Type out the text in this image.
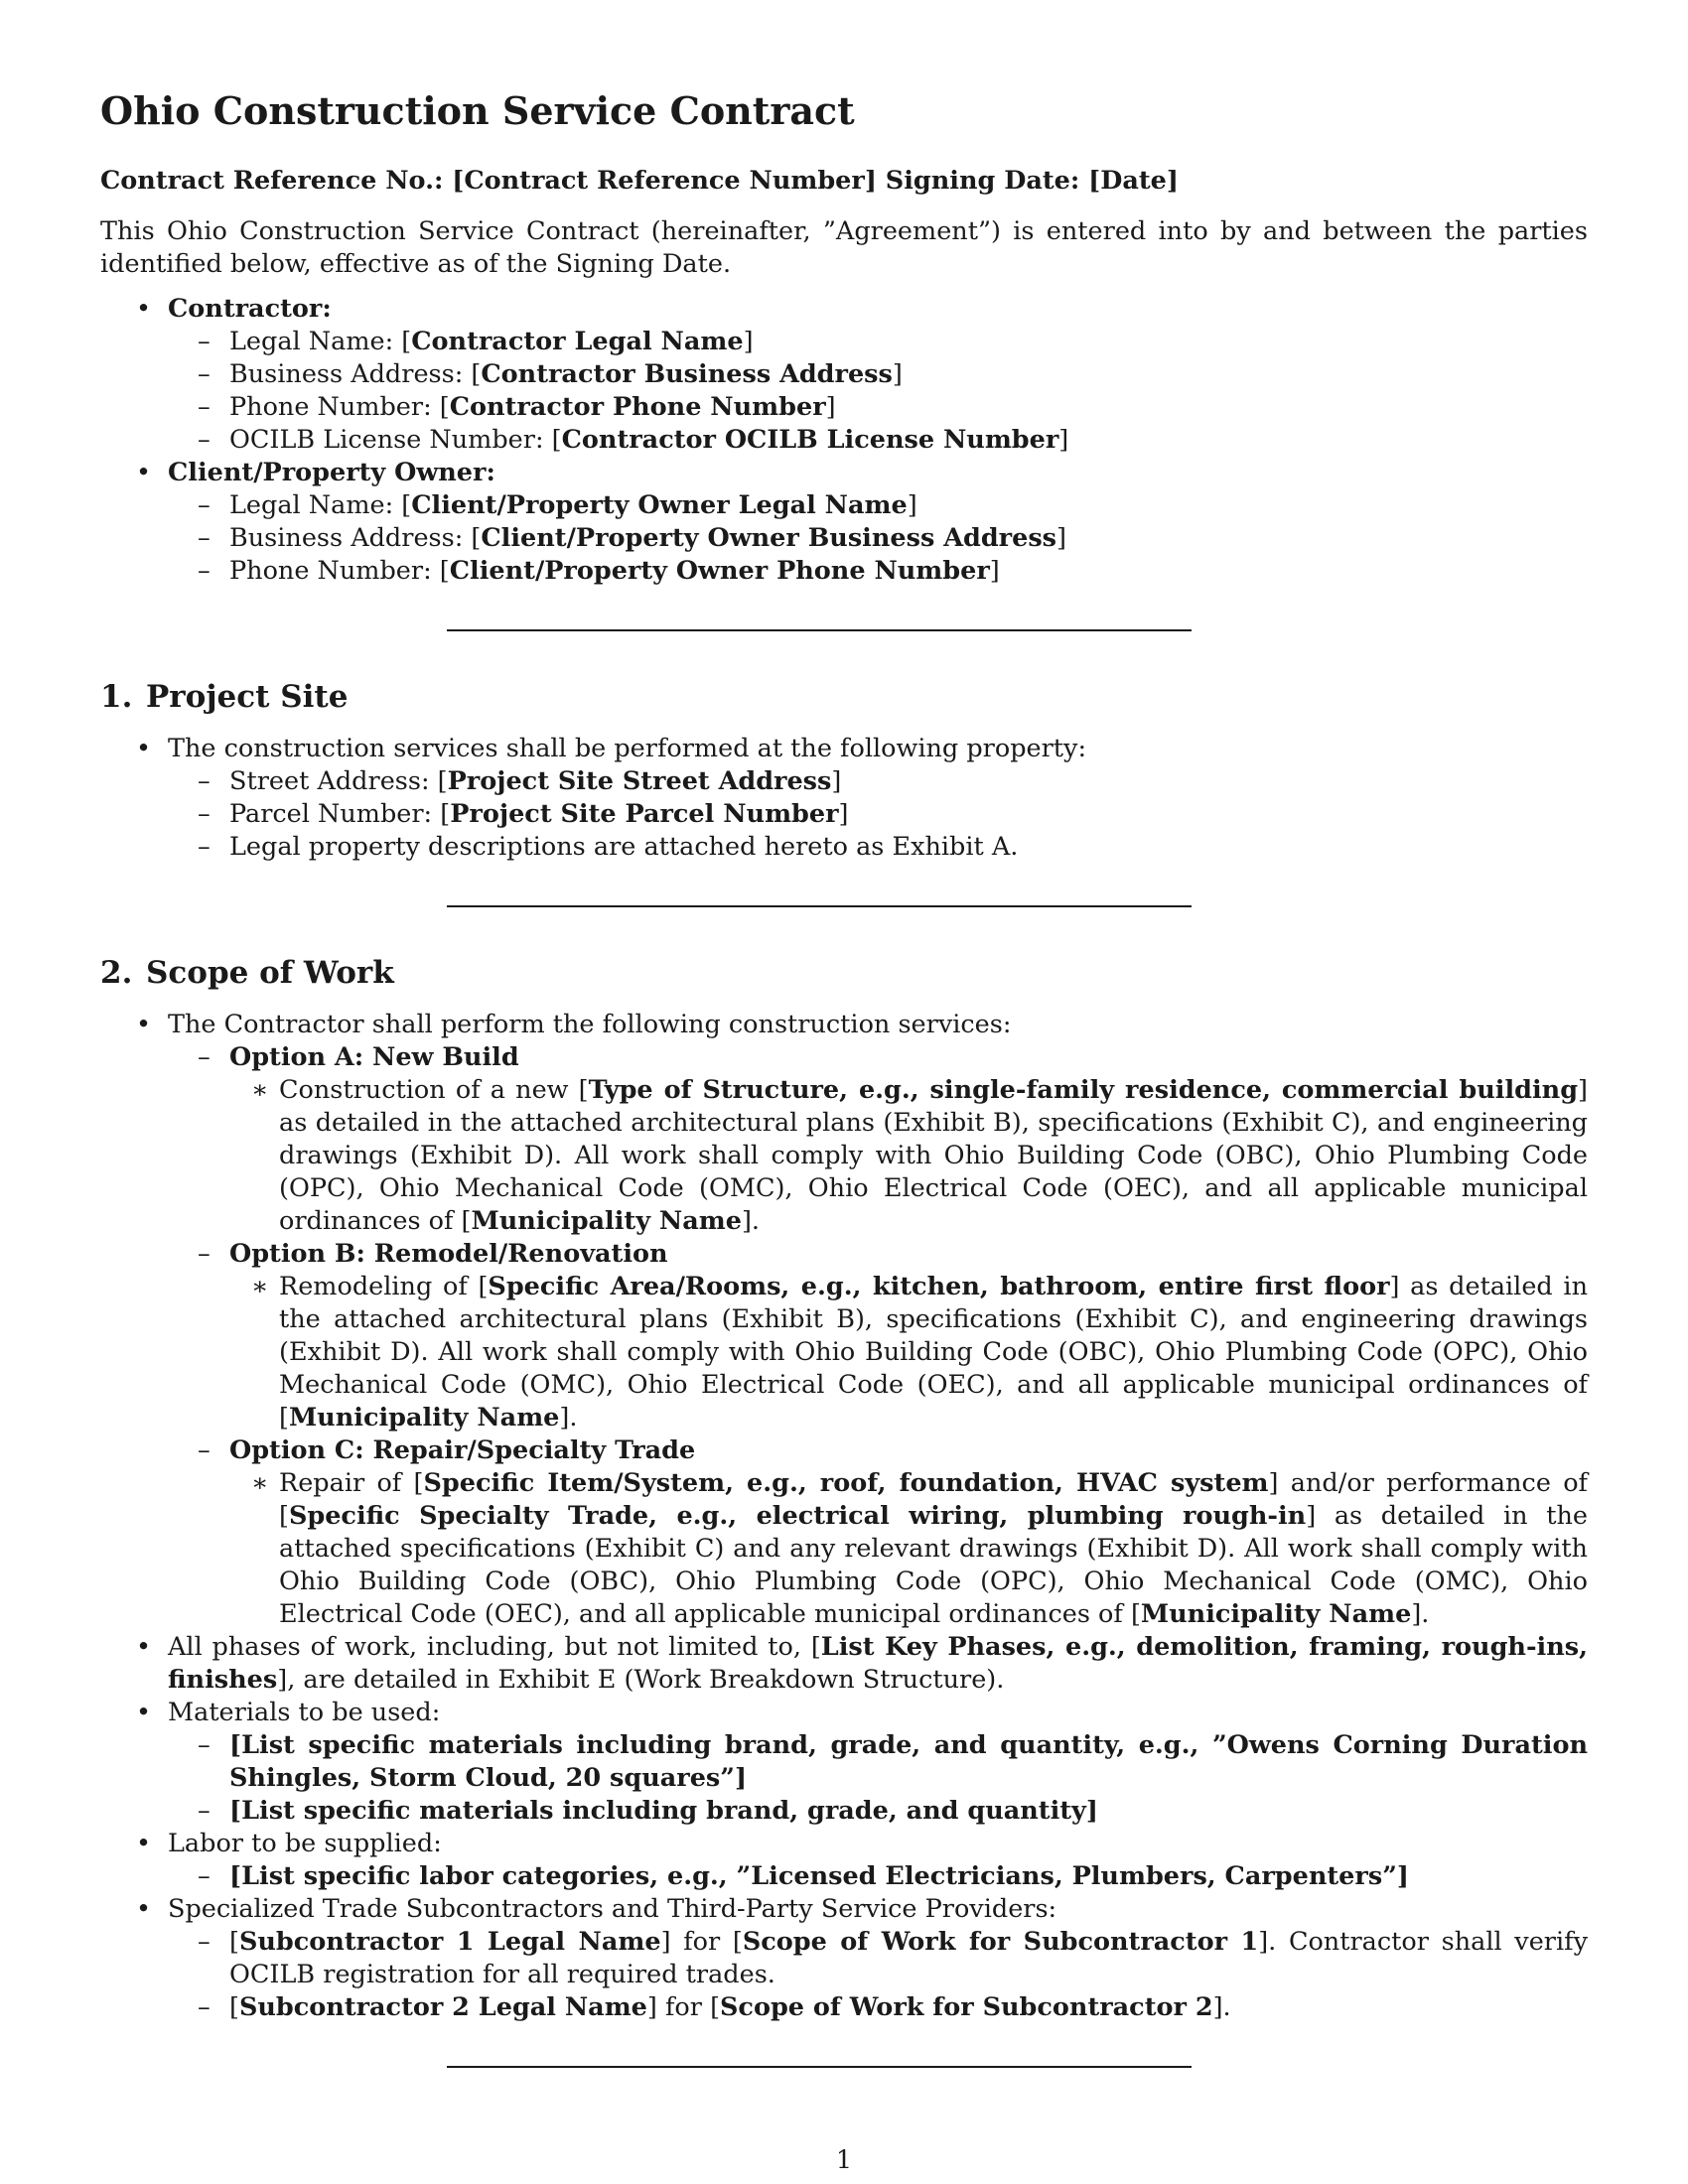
Ohio Construction Service Contract
Contract Reference No.: [Contract Reference Number] Signing Date: [Date]

This Ohio Construction Service Contract (hereinafter, ”Agreement”) is entered into by and between the parties identified below, effective as of the Signing Date.

• Contractor:
– Legal Name: [Contractor Legal Name]
– Business Address: [Contractor Business Address]
– Phone Number: [Contractor Phone Number]
– OCILB License Number: [Contractor OCILB License Number]
• Client/Property Owner:
– Legal Name: [Client/Property Owner Legal Name]
– Business Address: [Client/Property Owner Business Address]
– Phone Number: [Client/Property Owner Phone Number]
1. Project Site
• The construction services shall be performed at the following property:
– Street Address: [Project Site Street Address]
– Parcel Number: [Project Site Parcel Number]
– Legal property descriptions are attached hereto as Exhibit A.
2. Scope of Work
• The Contractor shall perform the following construction services:
– Option A: New Build
∗ Construction of a new [Type of Structure, e.g., single-family residence, commercial building] as detailed in the attached architectural plans (Exhibit B), specifications (Exhibit C), and engineering drawings (Exhibit D). All work shall comply with Ohio Building Code (OBC), Ohio Plumbing Code (OPC), Ohio Mechanical Code (OMC), Ohio Electrical Code (OEC), and all applicable municipal ordinances of [Municipality Name].
– Option B: Remodel/Renovation
∗ Remodeling of [Specific Area/Rooms, e.g., kitchen, bathroom, entire first floor] as detailed in the attached architectural plans (Exhibit B), specifications (Exhibit C), and engineering drawings (Exhibit D). All work shall comply with Ohio Building Code (OBC), Ohio Plumbing Code (OPC), Ohio Mechanical Code (OMC), Ohio Electrical Code (OEC), and all applicable municipal ordinances of [Municipality Name].
– Option C: Repair/Specialty Trade
∗ Repair of [Specific Item/System, e.g., roof, foundation, HVAC system] and/or performance of [Specific Specialty Trade, e.g., electrical wiring, plumbing rough-in] as detailed in the attached specifications (Exhibit C) and any relevant drawings (Exhibit D). All work shall comply with Ohio Building Code (OBC), Ohio Plumbing Code (OPC), Ohio Mechanical Code (OMC), Ohio Electrical Code (OEC), and all applicable municipal ordinances of [Municipality Name].
• All phases of work, including, but not limited to, [List Key Phases, e.g., demolition, framing, rough-ins, finishes], are detailed in Exhibit E (Work Breakdown Structure).
• Materials to be used:
– [List specific materials including brand, grade, and quantity, e.g., ”Owens Corning Duration Shingles, Storm Cloud, 20 squares”]
– [List specific materials including brand, grade, and quantity]
• Labor to be supplied:
– [List specific labor categories, e.g., ”Licensed Electricians, Plumbers, Carpenters”]
• Specialized Trade Subcontractors and Third-Party Service Providers:
– [Subcontractor 1 Legal Name] for [Scope of Work for Subcontractor 1]. Contractor shall verify OCILB registration for all required trades.
– [Subcontractor 2 Legal Name] for [Scope of Work for Subcontractor 2].
1
